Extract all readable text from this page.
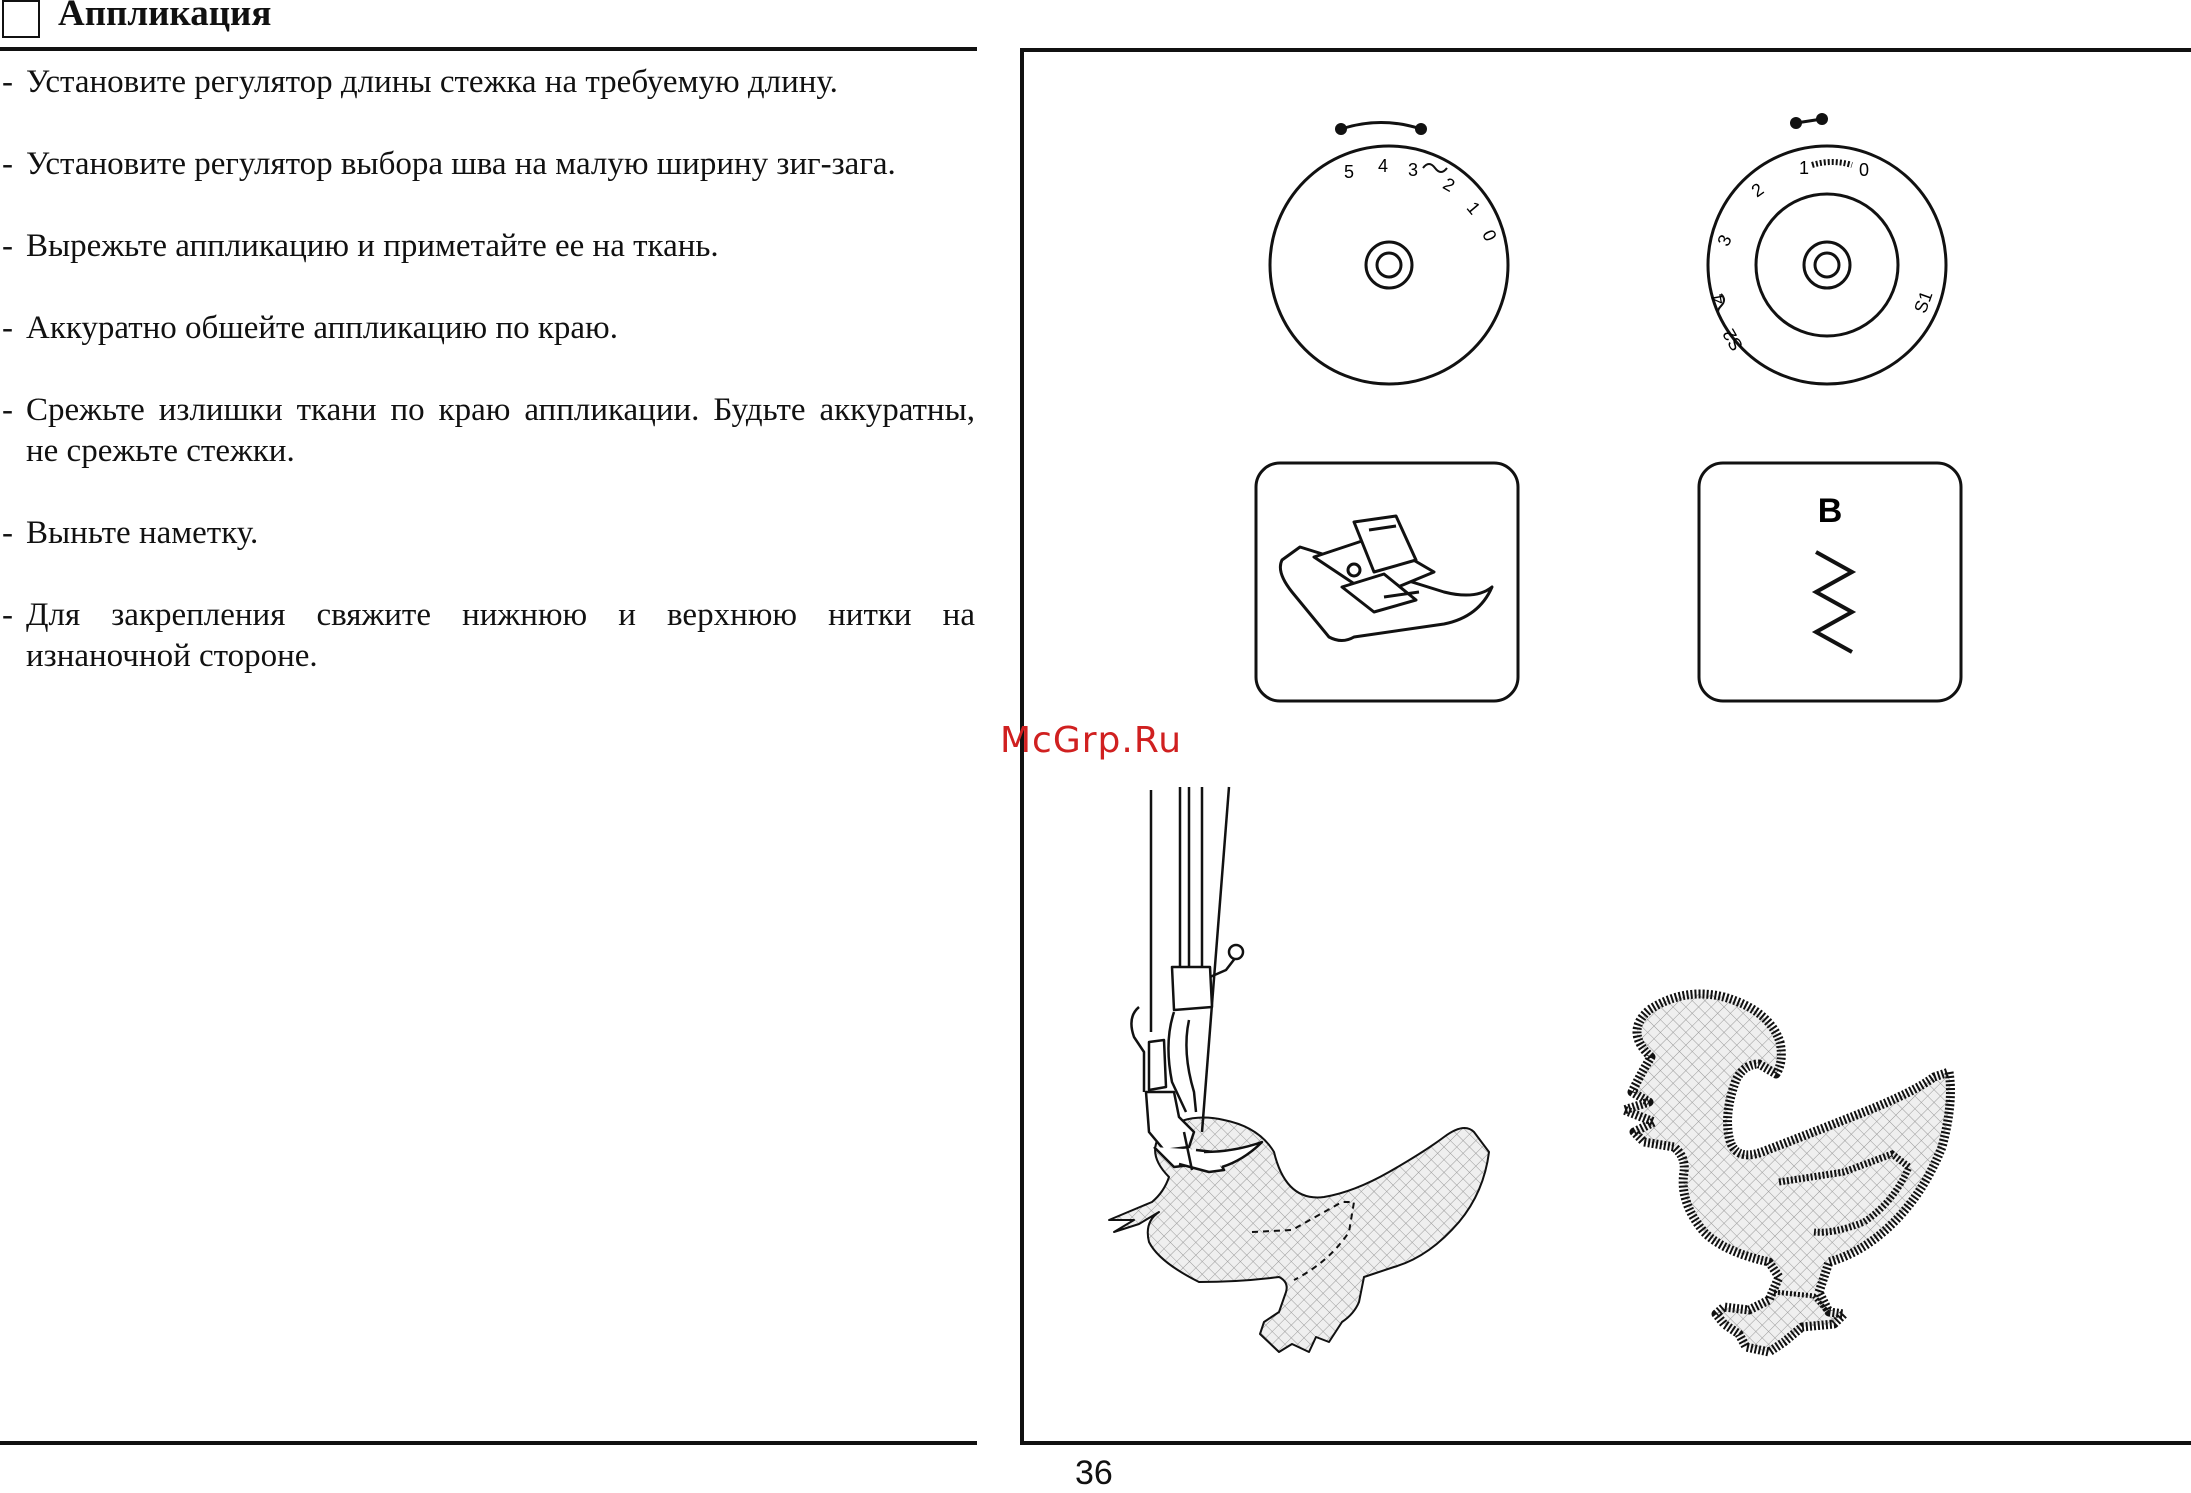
Аппликация
- Установите регулятор длины стежка на требуемую длину.
- Установите регулятор выбора шва на малую ширину зиг-зага.
- Вырежьте аппликацию и приметайте ее на ткань.
- Аккуратно обшейте аппликацию по краю.
- Срежьте излишки ткани по краю аппликации. Будьте аккуратны, не срежьте стежки.
- Выньте наметку.
- Для закрепления свяжите нижнюю и верхнюю нитки на изнаночной стороне.
5 4 3
2
1
0
1	0
2
3
4
S2
S1
B
McGrp.Ru
36
